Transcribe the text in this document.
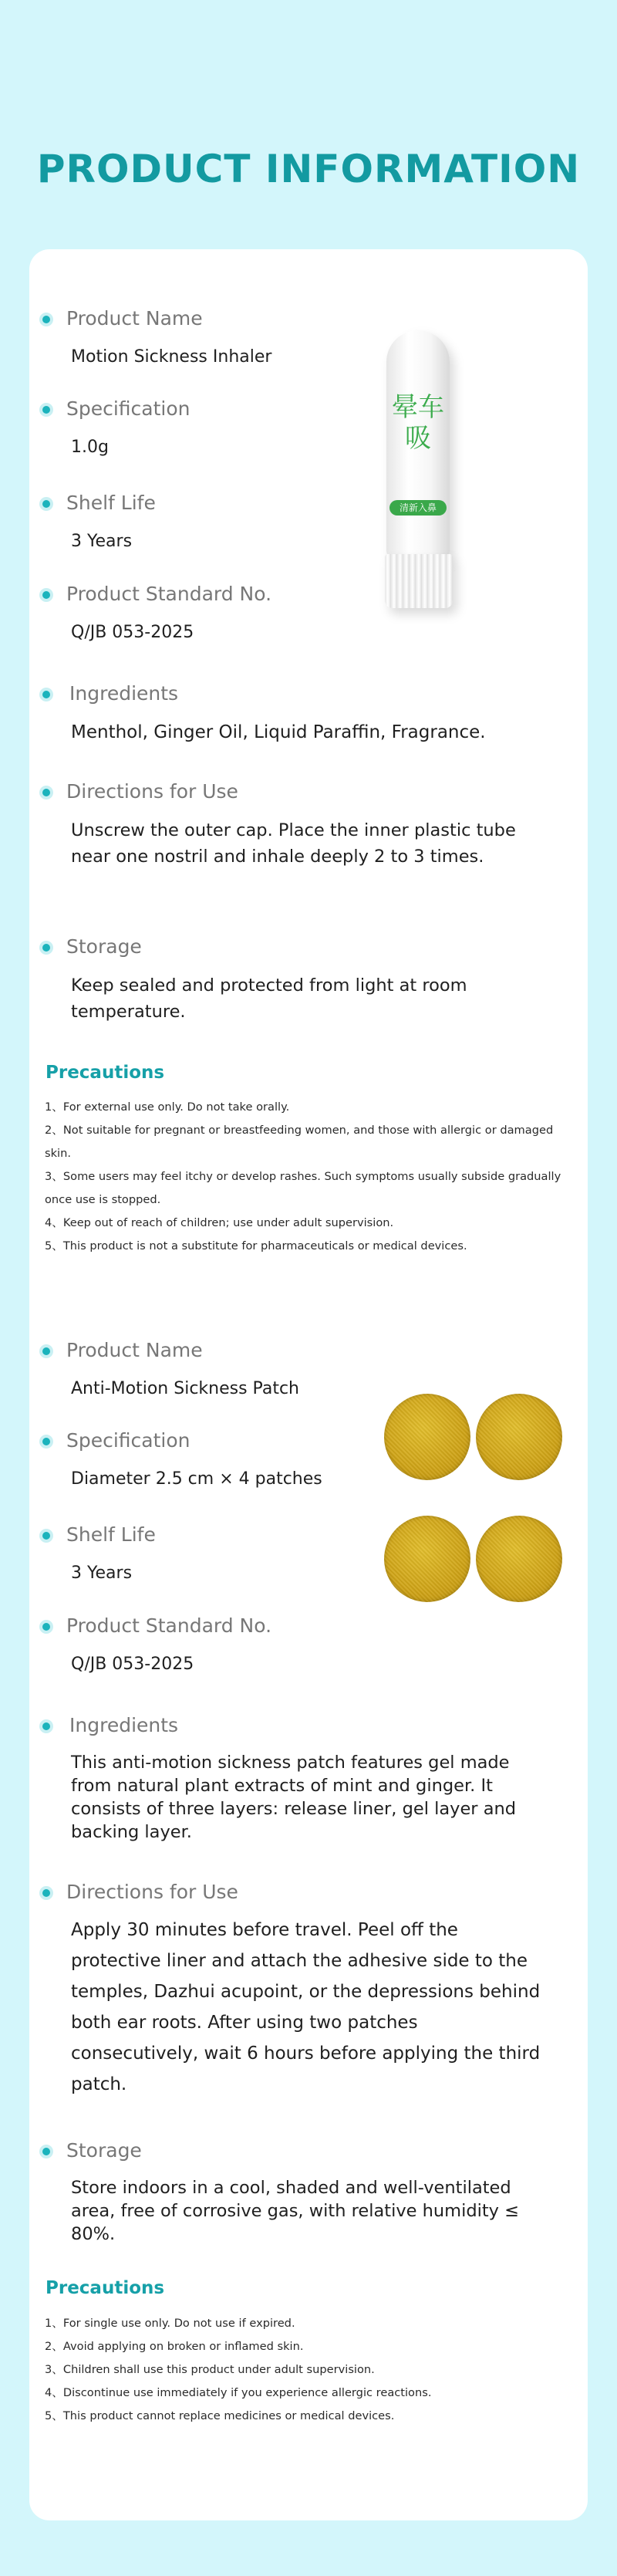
PRODUCT INFORMATION
Product Name
Motion Sickness Inhaler
Specification
1.0g
Shelf Life
3 Years
Product Standard No.
Q/JB 053-2025
Ingredients
Menthol, Ginger Oil, Liquid Paraffin, Fragrance.
Directions for Use
Unscrew the outer cap. Place the inner plastic tube near one nostril and inhale deeply 2 to 3 times.
Storage
Keep sealed and protected from light at room temperature.
晕车吸
清新入鼻
Precautions
1、For external use only. Do not take orally.
2、Not suitable for pregnant or breastfeeding women, and those with allergic or damaged skin.
3、Some users may feel itchy or develop rashes. Such symptoms usually subside gradually once use is stopped.
4、Keep out of reach of children; use under adult supervision.
5、This product is not a substitute for pharmaceuticals or medical devices.
Product Name
Anti-Motion Sickness Patch
Specification
Diameter 2.5 cm × 4 patches
Shelf Life
3 Years
Product Standard No.
Q/JB 053-2025
Ingredients
This anti-motion sickness patch features gel made from natural plant extracts of mint and ginger. It consists of three layers: release liner, gel layer and backing layer.
Directions for Use
Apply 30 minutes before travel. Peel off the protective liner and attach the adhesive side to the temples, Dazhui acupoint, or the depressions behind both ear roots. After using two patches consecutively, wait 6 hours before applying the third patch.
Storage
Store indoors in a cool, shaded and well-ventilated area, free of corrosive gas, with relative humidity ≤ 80%.
Precautions
1、For single use only. Do not use if expired.
2、Avoid applying on broken or inflamed skin.
3、Children shall use this product under adult supervision.
4、Discontinue use immediately if you experience allergic reactions.
5、This product cannot replace medicines or medical devices.
